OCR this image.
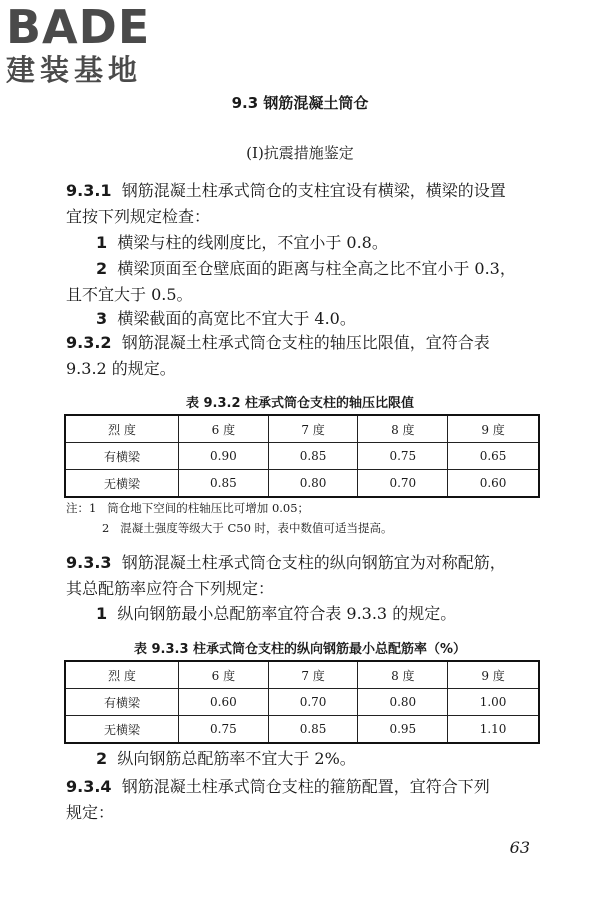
BADE
建装基地
9.3 钢筋混凝土筒仓
(Ⅰ)抗震措施鉴定
9.3.1 钢筋混凝土柱承式筒仓的支柱宜设有横梁，横梁的设置
宜按下列规定检查：
1 横梁与柱的线刚度比，不宜小于 0.8。
2 横梁顶面至仓壁底面的距离与柱全高之比不宜小于 0.3，
且不宜大于 0.5。
3 横梁截面的高宽比不宜大于 4.0。
9.3.2 钢筋混凝土柱承式筒仓支柱的轴压比限值，宜符合表
9.3.2 的规定。
表 9.3.2 柱承式筒仓支柱的轴压比限值
烈 度	6 度	7 度	8 度	9 度
有横梁	0.90	0.85	0.75	0.65
无横梁	0.85	0.80	0.70	0.60
注：1 筒仓地下空间的柱轴压比可增加 0.05；
2 混凝土强度等级大于 C50 时，表中数值可适当提高。
9.3.3 钢筋混凝土柱承式筒仓支柱的纵向钢筋宜为对称配筋，
其总配筋率应符合下列规定：
1 纵向钢筋最小总配筋率宜符合表 9.3.3 的规定。
表 9.3.3 柱承式筒仓支柱的纵向钢筋最小总配筋率（%）
烈 度	6 度	7 度	8 度	9 度
有横梁	0.60	0.70	0.80	1.00
无横梁	0.75	0.85	0.95	1.10
2 纵向钢筋总配筋率不宜大于 2%。
9.3.4 钢筋混凝土柱承式筒仓支柱的箍筋配置，宜符合下列
规定：
63
